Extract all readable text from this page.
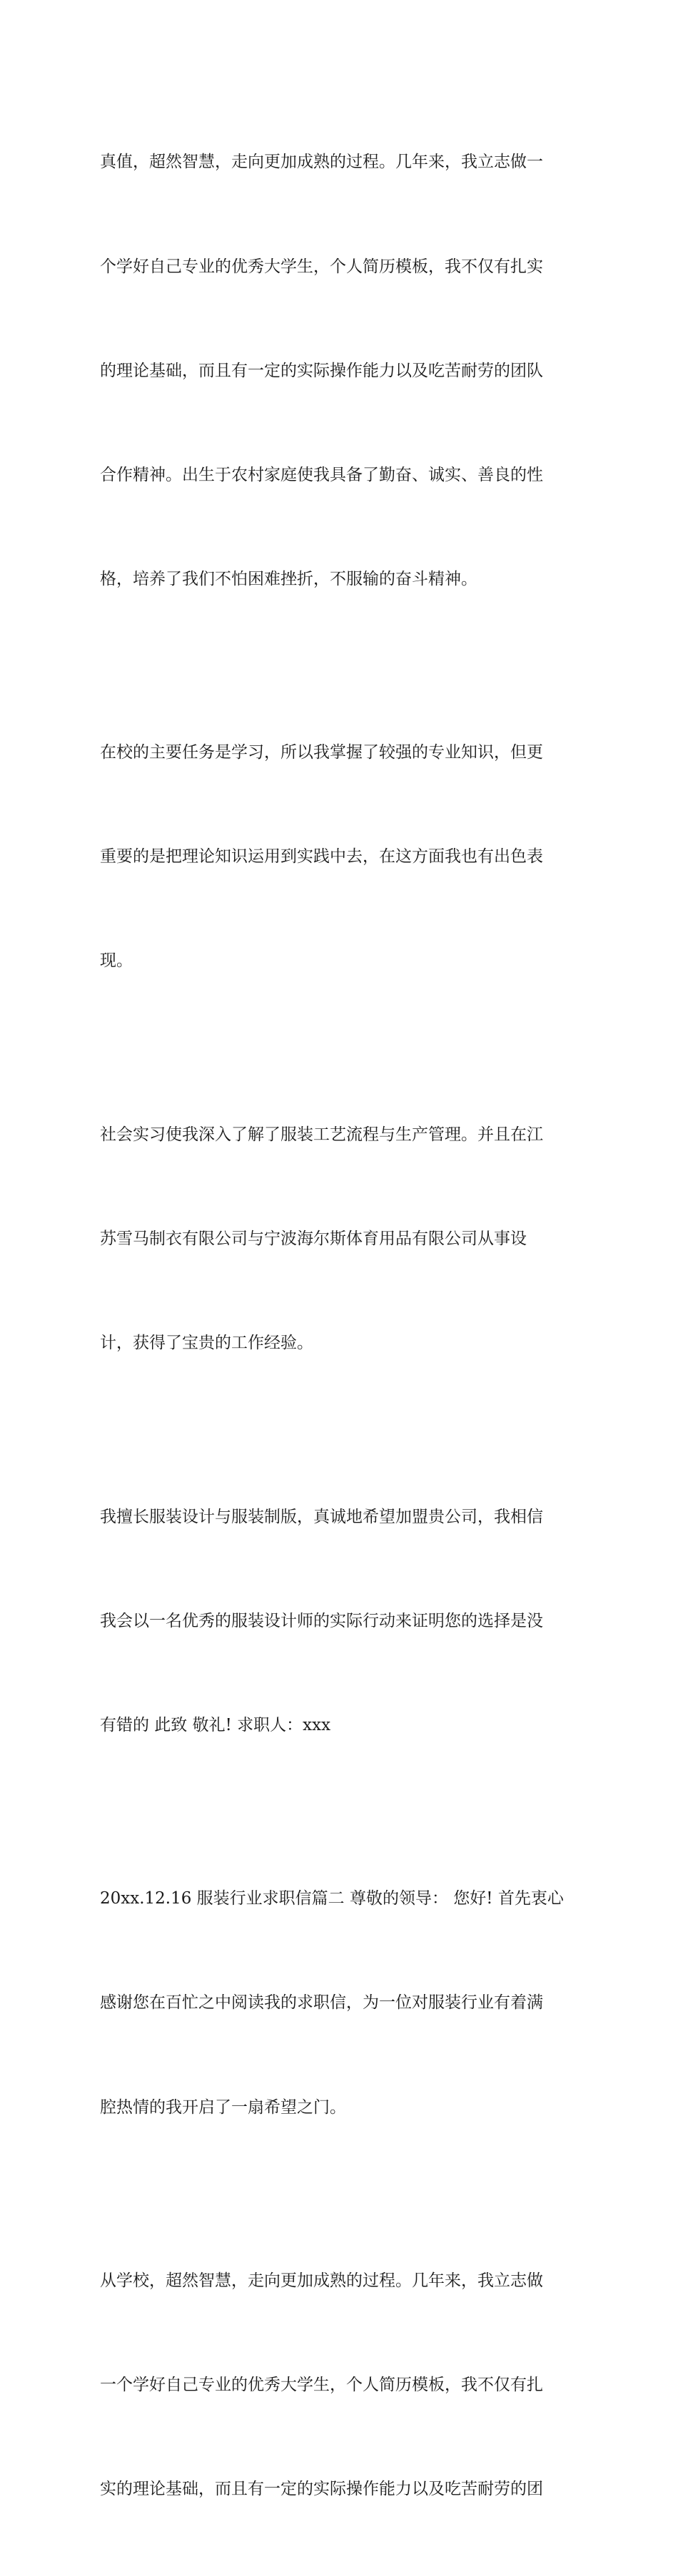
真值，超然智慧，走向更加成熟的过程。几年来，我立志做一

个学好自己专业的优秀大学生，个人简历模板，我不仅有扎实

的理论基础，而且有一定的实际操作能力以及吃苦耐劳的团队

合作精神。出生于农村家庭使我具备了勤奋、诚实、善良的性

格，培养了我们不怕困难挫折，不服输的奋斗精神。

在校的主要任务是学习，所以我掌握了较强的专业知识，但更

重要的是把理论知识运用到实践中去，在这方面我也有出色表

现。

社会实习使我深入了解了服装工艺流程与生产管理。并且在江

苏雪马制衣有限公司与宁波海尔斯体育用品有限公司从事设

计，获得了宝贵的工作经验。

我擅长服装设计与服装制版，真诚地希望加盟贵公司，我相信

我会以一名优秀的服装设计师的实际行动来证明您的选择是没

有错的 此致 敬礼! 求职人：xxx

20xx.12.16 服装行业求职信篇二 尊敬的领导： 您好! 首先衷心

感谢您在百忙之中阅读我的求职信，为一位对服装行业有着满

腔热情的我开启了一扇希望之门。

从学校，超然智慧，走向更加成熟的过程。几年来，我立志做

一个学好自己专业的优秀大学生，个人简历模板，我不仅有扎

实的理论基础，而且有一定的实际操作能力以及吃苦耐劳的团
